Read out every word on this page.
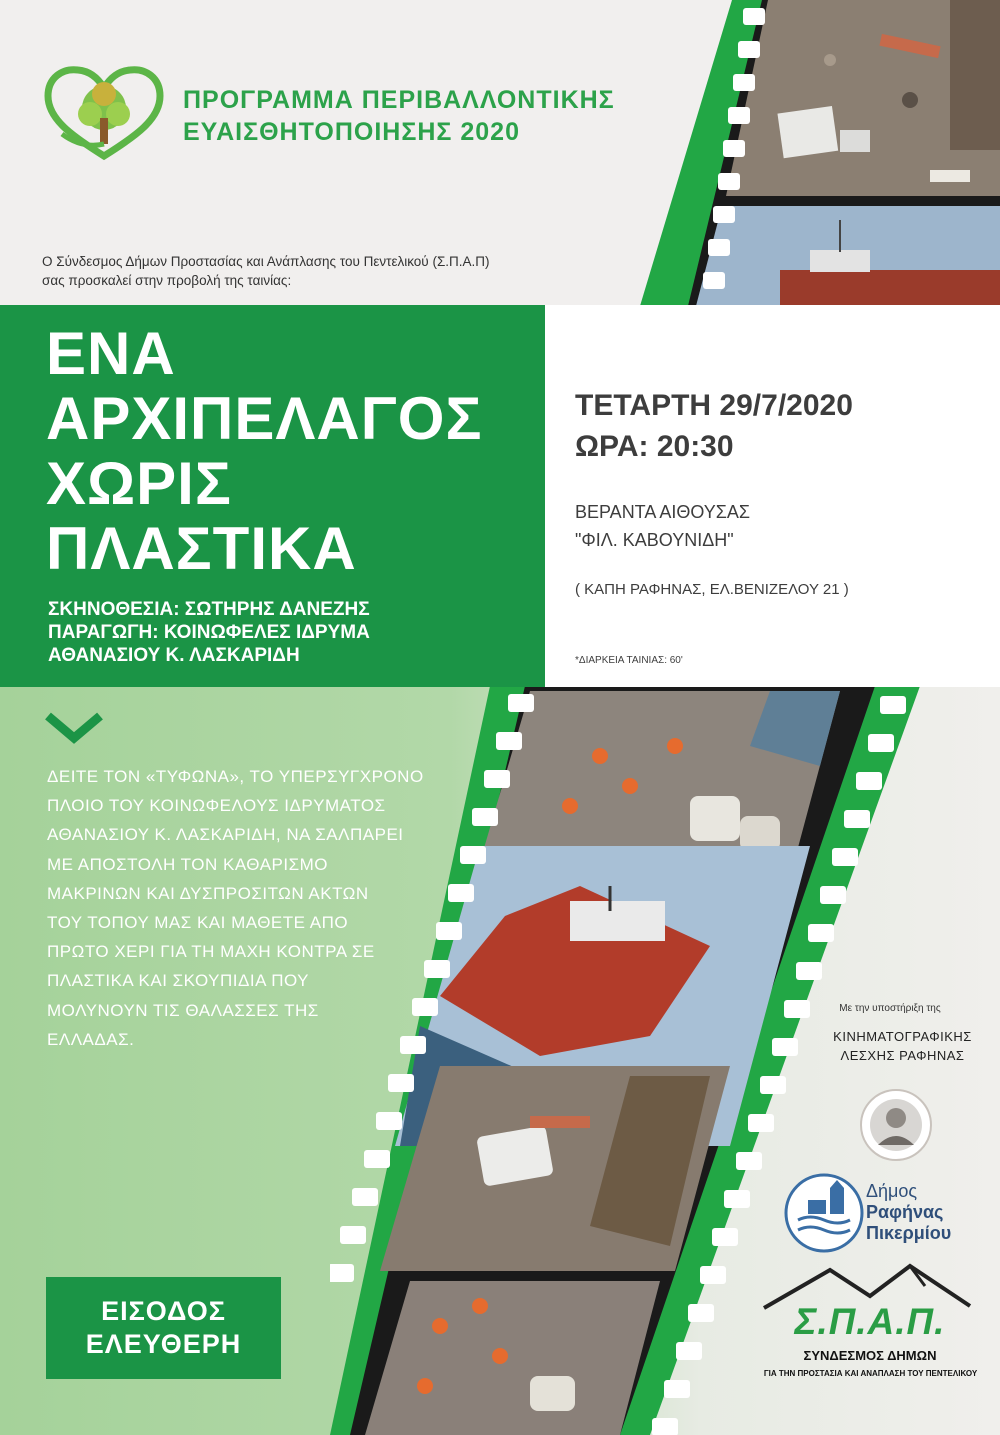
ΠΡΟΓΡΑΜΜΑ ΠΕΡΙΒΑΛΛΟΝΤΙΚΗΣ
ΕΥΑΙΣΘΗΤΟΠΟΙΗΣΗΣ 2020
Ο Σύνδεσμος Δήμων Προστασίας και Ανάπλασης του Πεντελικού (Σ.Π.Α.Π)
σας προσκαλεί στην προβολή της ταινίας:
ΕΝΑ
ΑΡΧΙΠΕΛΑΓΟΣ
ΧΩΡΙΣ
ΠΛΑΣΤΙΚΑ
ΣΚΗΝΟΘΕΣΙΑ: ΣΩΤΗΡΗΣ ΔΑΝΕΖΗΣ
ΠΑΡΑΓΩΓΗ: ΚΟΙΝΩΦΕΛΕΣ ΙΔΡΥΜΑ
ΑΘΑΝΑΣΙΟΥ Κ. ΛΑΣΚΑΡΙΔΗ
ΤΕΤΑΡΤΗ 29/7/2020
ΩΡΑ: 20:30
ΒΕΡΑΝΤΑ ΑΙΘΟΥΣΑΣ
"ΦΙΛ. ΚΑΒΟΥΝΙΔΗ"
( ΚΑΠΗ ΡΑΦΗΝΑΣ, ΕΛ.ΒΕΝΙΖΕΛΟΥ 21 )
*ΔΙΑΡΚΕΙΑ ΤΑΙΝΙΑΣ: 60'
ΔΕΙΤΕ ΤΟΝ «ΤΥΦΩΝΑ», ΤΟ ΥΠΕΡΣΥΓΧΡΟΝΟ
ΠΛΟΙΟ ΤΟΥ ΚΟΙΝΩΦΕΛΟΥΣ ΙΔΡΥΜΑΤΟΣ
ΑΘΑΝΑΣΙΟΥ Κ. ΛΑΣΚΑΡΙΔΗ, ΝΑ ΣΑΛΠΑΡΕΙ
ΜΕ ΑΠΟΣΤΟΛΗ ΤΟΝ ΚΑΘΑΡΙΣΜΟ
ΜΑΚΡΙΝΩΝ ΚΑΙ ΔΥΣΠΡΟΣΙΤΩΝ ΑΚΤΩΝ
ΤΟΥ ΤΟΠΟΥ ΜΑΣ ΚΑΙ ΜΑΘΕΤΕ ΑΠΟ
ΠΡΩΤΟ ΧΕΡΙ ΓΙΑ ΤΗ ΜΑΧΗ ΚΟΝΤΡΑ ΣΕ
ΠΛΑΣΤΙΚΑ ΚΑΙ ΣΚΟΥΠΙΔΙΑ ΠΟΥ
ΜΟΛΥΝΟΥΝ ΤΙΣ ΘΑΛΑΣΣΕΣ ΤΗΣ
ΕΛΛΑΔΑΣ.
ΕΙΣΟΔΟΣ
ΕΛΕΥΘΕΡΗ
Με την υποστήριξη της
ΚΙΝΗΜΑΤΟΓΡΑΦΙΚΗΣ
ΛΕΣΧΗΣ ΡΑΦΗΝΑΣ
Δήμος
Ραφήνας
Πικερμίου
Σ.Π.Α.Π.
ΣΥΝΔΕΣΜΟΣ ΔΗΜΩΝ
ΓΙΑ ΤΗΝ ΠΡΟΣΤΑΣΙΑ ΚΑΙ ΑΝΑΠΛΑΣΗ ΤΟΥ ΠΕΝΤΕΛΙΚΟΥ
